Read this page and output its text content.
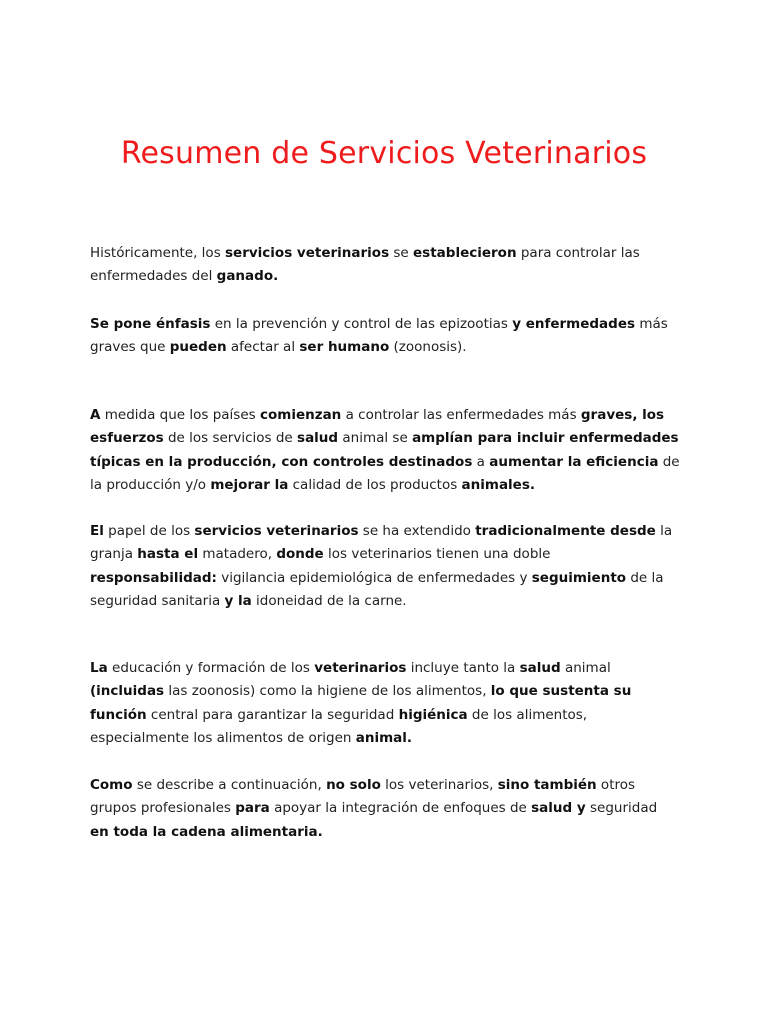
Resumen de Servicios Veterinarios

Históricamente, los servicios veterinarios se establecieron para controlar las enfermedades del ganado.

Se pone énfasis en la prevención y control de las epizootias y enfermedades más graves que pueden afectar al ser humano (zoonosis).

A medida que los países comienzan a controlar las enfermedades más graves, los esfuerzos de los servicios de salud animal se amplían para incluir enfermedades típicas en la producción, con controles destinados a aumentar la eficiencia de la producción y/o mejorar la calidad de los productos animales.

El papel de los servicios veterinarios se ha extendido tradicionalmente desde la granja hasta el matadero, donde los veterinarios tienen una doble responsabilidad: vigilancia epidemiológica de enfermedades y seguimiento de la seguridad sanitaria y la idoneidad de la carne.

La educación y formación de los veterinarios incluye tanto la salud animal (incluidas las zoonosis) como la higiene de los alimentos, lo que sustenta su función central para garantizar la seguridad higiénica de los alimentos, especialmente los alimentos de origen animal.

Como se describe a continuación, no solo los veterinarios, sino también otros grupos profesionales para apoyar la integración de enfoques de salud y seguridad en toda la cadena alimentaria.
